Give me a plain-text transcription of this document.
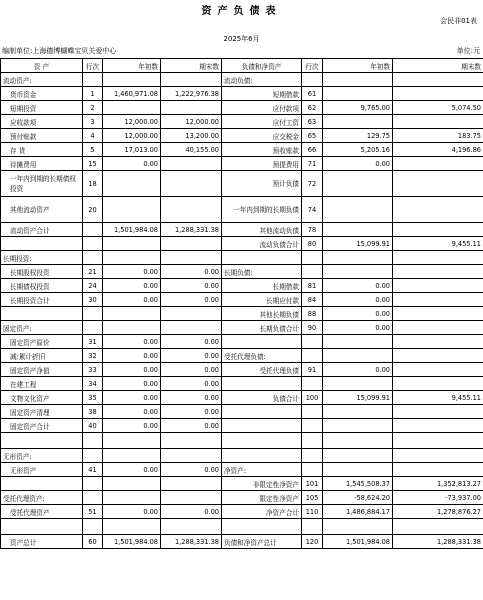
资产负债表
会民非01表
2025年6月
编制单位:上海德博蝴蝶宝贝关爱中心	单位:元
资 产	行次	年初数	期末数	负债和净资产	行次	年初数	期末数
流动资产:				流动负债:			
货币资金	1	1,460,971.08	1,222,976.38	短期借款	61		
短期投资	2			应付款项	62	9,765.00	5,074.50
应收款项	3	12,000.00	12,000.00	应付工资	63		
预付账款	4	12,000.00	13,200.00	应交税金	65	129.75	183.75
存 货	5	17,013.00	40,155.00	预收账款	66	5,205.16	4,196.86
待摊费用	15	0.00		预提费用	71	0.00	
一年内到期的长期债权投资	18			预计负债	72		
其他流动资产	20			一年内到期的长期负债	74		
流动资产合计		1,501,984.08	1,288,331.38	其他流动负债	78		
				流动负债合计	80	15,099.91	9,455.11
长期投资:							
长期股权投资	21	0.00	0.00	长期负债:			
长期债权投资	24	0.00	0.00	长期借款	81	0.00	
长期投资合计	30	0.00	0.00	长期应付款	84	0.00	
				其他长期负债	88	0.00	
固定资产:				长期负债合计	90	0.00	
固定资产原价	31	0.00	0.00				
减:累计折旧	32	0.00	0.00	受托代理负债:			
固定资产净值	33	0.00	0.00	受托代理负债	91	0.00	
在建工程	34	0.00	0.00				
文物文化资产	35	0.00	0.00	负债合计	100	15,099.91	9,455.11
固定资产清理	38	0.00	0.00				
固定资产合计	40	0.00	0.00				

无形资产:							
无形资产	41	0.00	0.00	净资产:			
				非限定性净资产	101	1,545,508.37	1,352,813.27
受托代理资产:				限定性净资产	105	-58,624.20	-73,937.00
受托代理资产	51	0.00	0.00	净资产合计	110	1,486,884.17	1,278,876.27

资产总计	60	1,501,984.08	1,288,331.38	负债和净资产总计	120	1,501,984.08	1,288,331.38
